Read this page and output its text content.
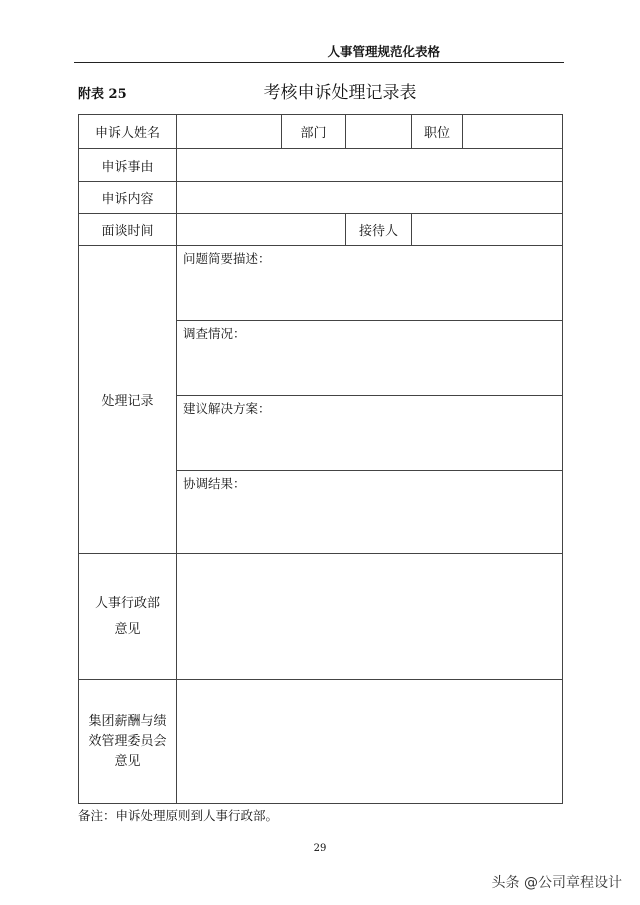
人事管理规范化表格
附表 25	考核申诉处理记录表
申诉人姓名		部门		职位	
申诉事由					
申诉内容					
面谈时间			接待人		
处理记录	问题简要描述：
调查情况：
建议解决方案：
协调结果：				

人事行政部
意见					

集团薪酬与绩
效管理委员会
意见					

备注：申诉处理原则到人事行政部。
29
头条 @公司章程设计
